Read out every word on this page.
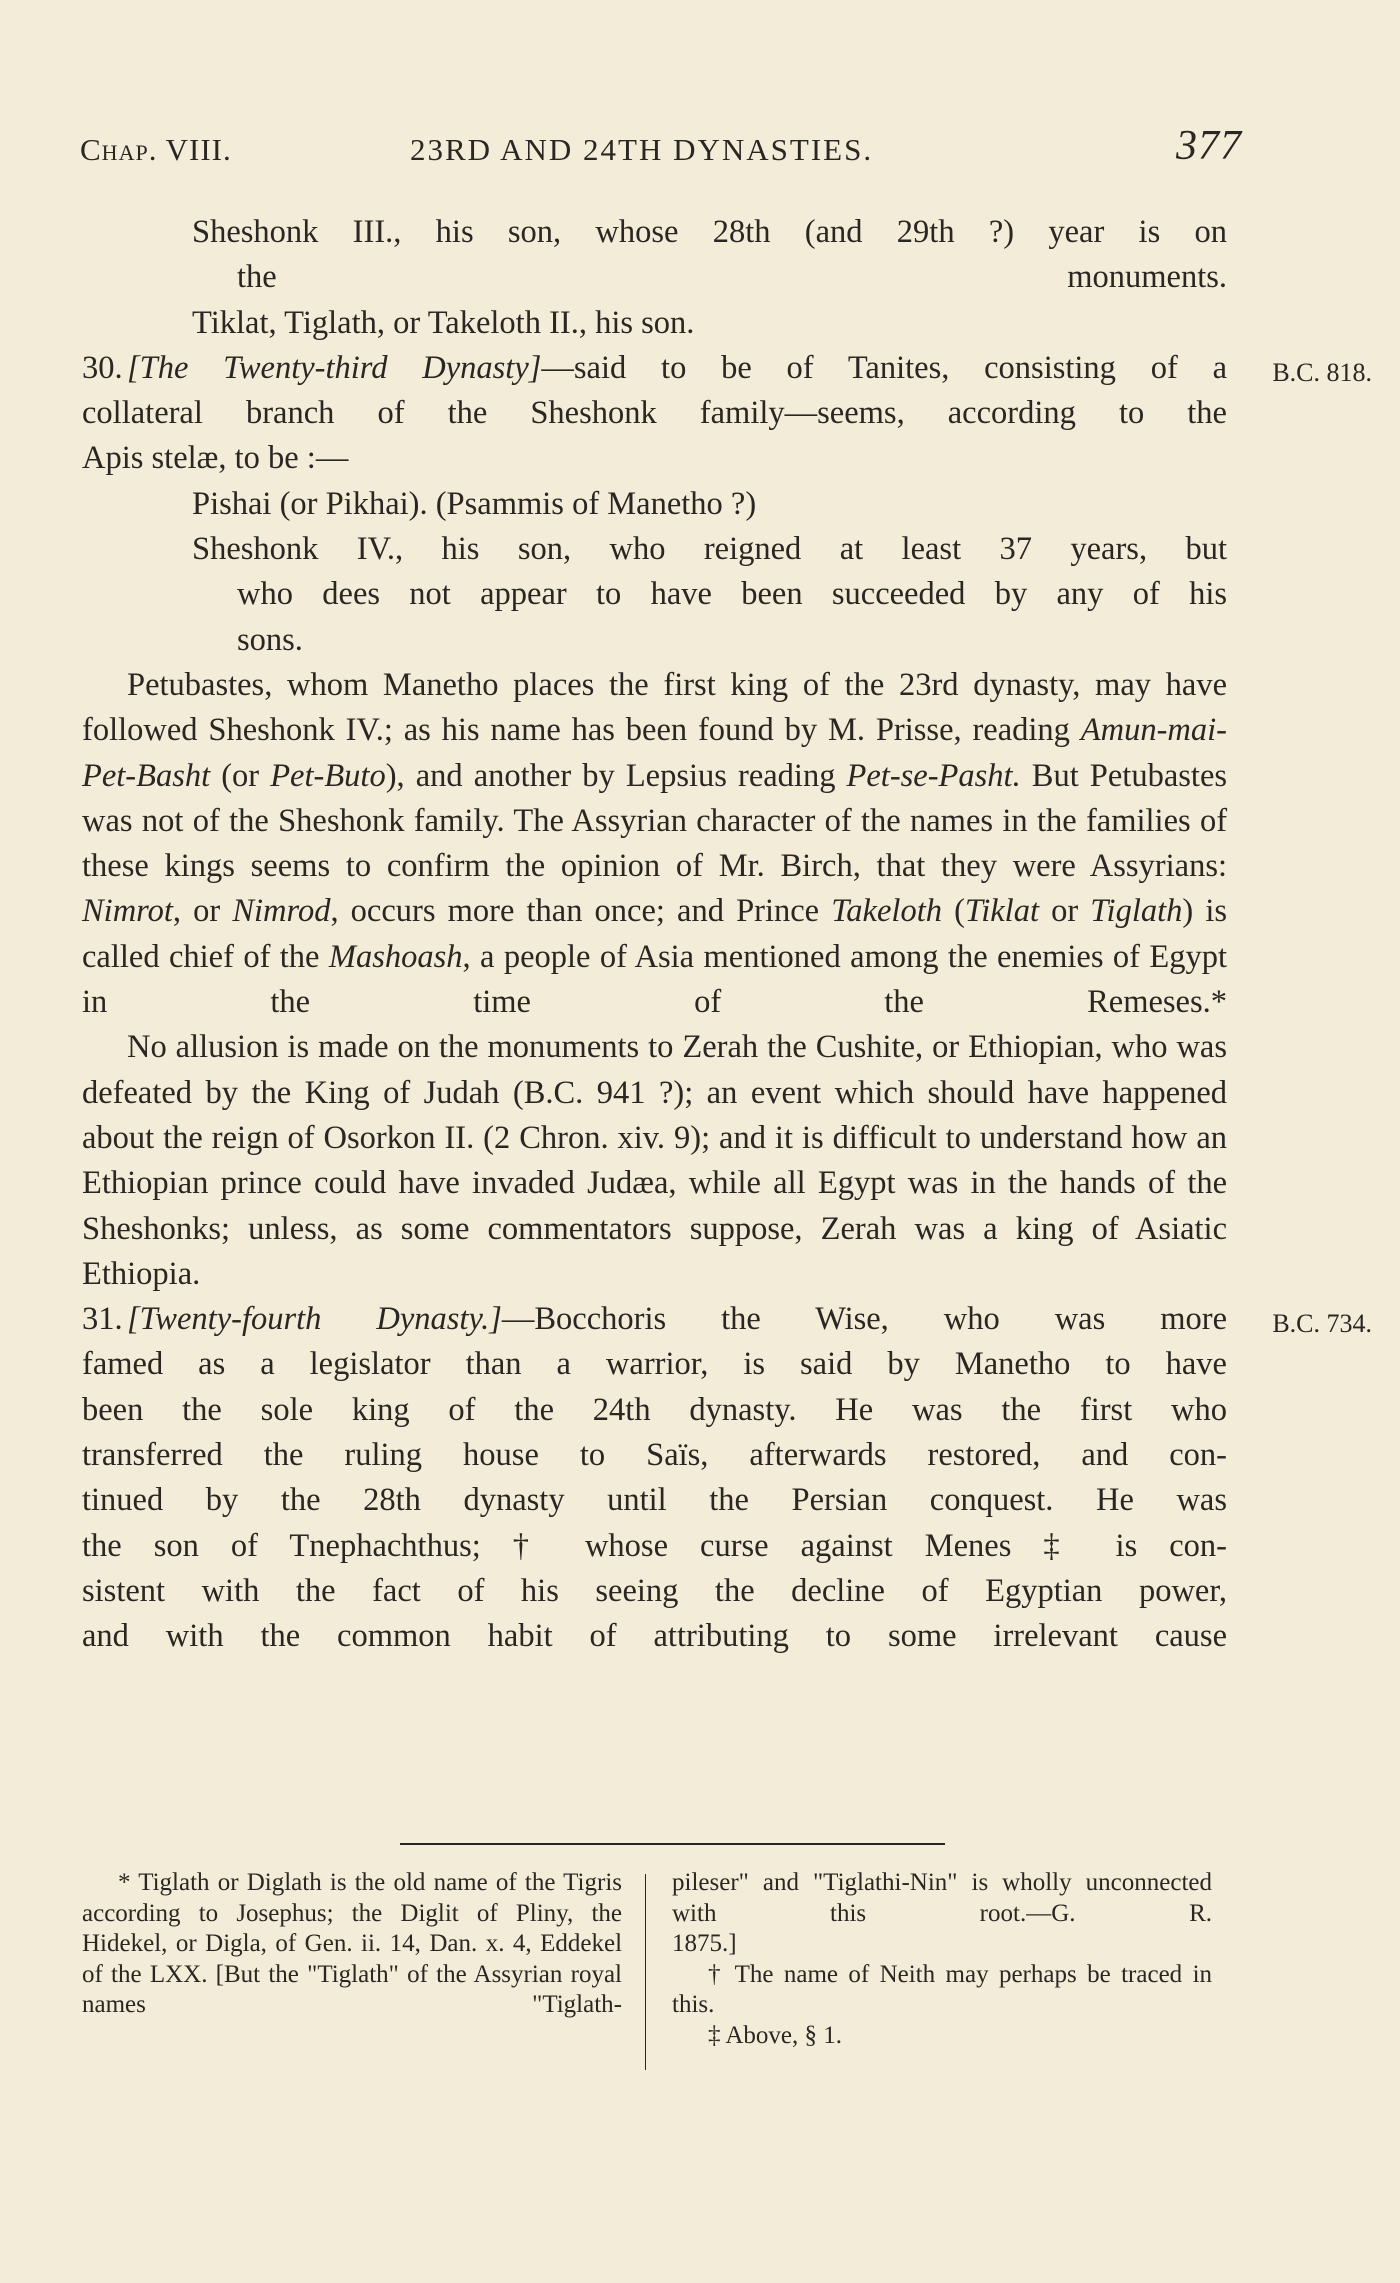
Chap. VIII.	23RD AND 24TH DYNASTIES.	377

Sheshonk III., his son, whose 28th (and 29th ?) year is on
the monuments.

Tiklat, Tiglath, or Takeloth II., his son.

30. [The Twenty-third Dynasty]—said to be of Tanites, consisting of a B.C. 818.

collateral branch of the Sheshonk family—seems, according to the

Apis stelæ, to be :—

Pishai (or Pikhai). (Psammis of Manetho ?)

Sheshonk IV., his son, who reigned at least 37 years, but
who dees not appear to have been succeeded by any of his
sons.

Petubastes, whom Manetho places the first king of the 23rd dynasty, may have followed Sheshonk IV.; as his name has been found by M. Prisse, reading Amun-mai-Pet-Basht (or Pet-Buto), and another by Lepsius reading Pet-se-Pasht. But Petubastes was not of the Sheshonk family. The Assyrian character of the names in the families of these kings seems to confirm the opinion of Mr. Birch, that they were Assyrians: Nimrot, or Nimrod, occurs more than once; and Prince Takeloth (Tiklat or Tiglath) is called chief of the Mashoash, a people of Asia mentioned among the enemies of Egypt in the time of the Remeses.*

No allusion is made on the monuments to Zerah the Cushite, or Ethiopian, who was defeated by the King of Judah (B.C. 941 ?); an event which should have happened about the reign of Osorkon II. (2 Chron. xiv. 9); and it is difficult to understand how an Ethiopian prince could have invaded Judæa, while all Egypt was in the hands of the Sheshonks; unless, as some commentators suppose, Zerah was a king of Asiatic Ethiopia.

31. [Twenty-fourth Dynasty.]—Bocchoris the Wise, who was more B.C. 734.

famed as a legislator than a warrior, is said by Manetho to have

been the sole king of the 24th dynasty. He was the first who

transferred the ruling house to Saïs, afterwards restored, and con-

tinued by the 28th dynasty until the Persian conquest. He was

the son of Tnephachthus; † whose curse against Menes ‡ is con-

sistent with the fact of his seeing the decline of Egyptian power,

and with the common habit of attributing to some irrelevant cause

* Tiglath or Diglath is the old name of the Tigris according to Josephus; the Diglit of Pliny, the Hidekel, or Digla, of Gen. ii. 14, Dan. x. 4, Eddekel of the LXX. [But the "Tiglath" of the Assyrian royal names "Tiglath-

pileser" and "Tiglathi-Nin" is wholly unconnected with this root.—G. R.

1875.]

† The name of Neith may perhaps be traced in this.

‡ Above, § 1.
